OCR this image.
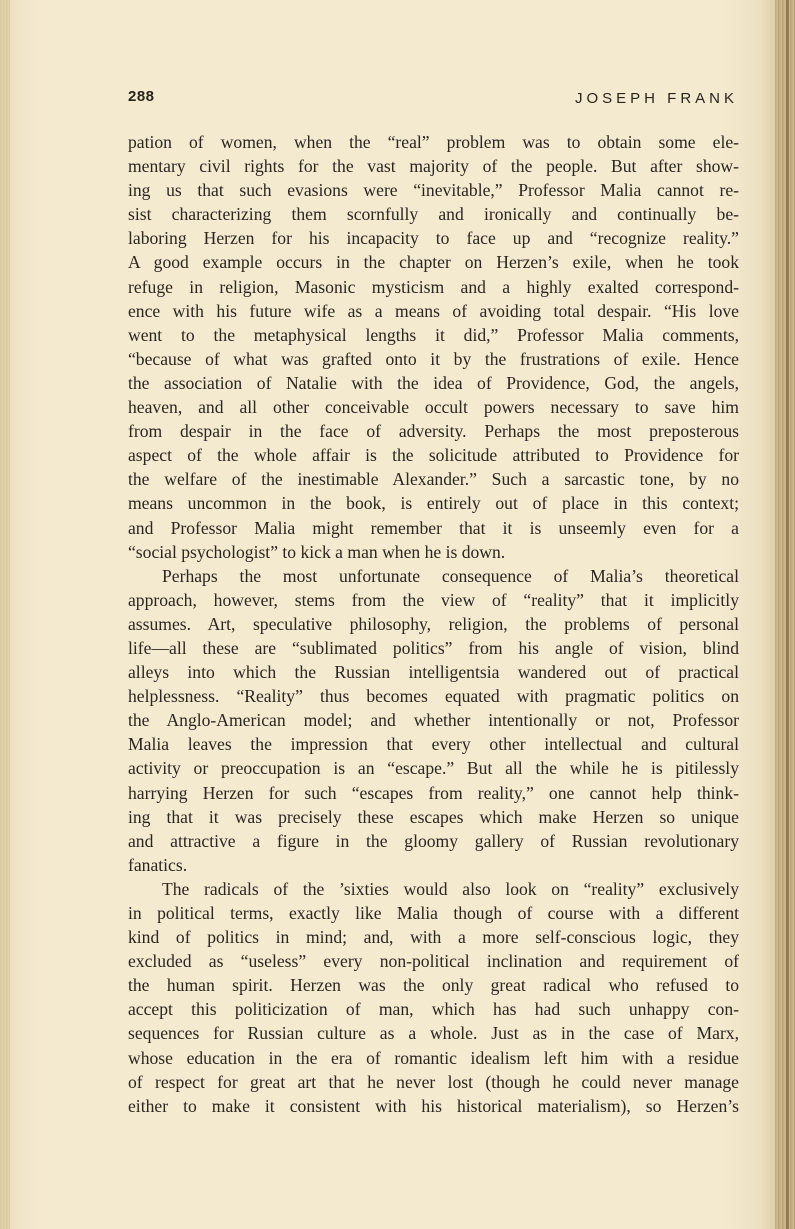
288	JOSEPH FRANK
pation of women, when the “real” problem was to obtain some ele-
mentary civil rights for the vast majority of the people. But after show-
ing us that such evasions were “inevitable,” Professor Malia cannot re-
sist characterizing them scornfully and ironically and continually be-
laboring Herzen for his incapacity to face up and “recognize reality.”
A good example occurs in the chapter on Herzen’s exile, when he took
refuge in religion, Masonic mysticism and a highly exalted correspond-
ence with his future wife as a means of avoiding total despair. “His love
went to the metaphysical lengths it did,” Professor Malia comments,
“because of what was grafted onto it by the frustrations of exile. Hence
the association of Natalie with the idea of Providence, God, the angels,
heaven, and all other conceivable occult powers necessary to save him
from despair in the face of adversity. Perhaps the most preposterous
aspect of the whole affair is the solicitude attributed to Providence for
the welfare of the inestimable Alexander.” Such a sarcastic tone, by no
means uncommon in the book, is entirely out of place in this context;
and Professor Malia might remember that it is unseemly even for a
“social psychologist” to kick a man when he is down.
Perhaps the most unfortunate consequence of Malia’s theoretical
approach, however, stems from the view of “reality” that it implicitly
assumes. Art, speculative philosophy, religion, the problems of personal
life—all these are “sublimated politics” from his angle of vision, blind
alleys into which the Russian intelligentsia wandered out of practical
helplessness. “Reality” thus becomes equated with pragmatic politics on
the Anglo-American model; and whether intentionally or not, Professor
Malia leaves the impression that every other intellectual and cultural
activity or preoccupation is an “escape.” But all the while he is pitilessly
harrying Herzen for such “escapes from reality,” one cannot help think-
ing that it was precisely these escapes which make Herzen so unique
and attractive a figure in the gloomy gallery of Russian revolutionary
fanatics.
The radicals of the ’sixties would also look on “reality” exclusively
in political terms, exactly like Malia though of course with a different
kind of politics in mind; and, with a more self-conscious logic, they
excluded as “useless” every non-political inclination and requirement of
the human spirit. Herzen was the only great radical who refused to
accept this politicization of man, which has had such unhappy con-
sequences for Russian culture as a whole. Just as in the case of Marx,
whose education in the era of romantic idealism left him with a residue
of respect for great art that he never lost (though he could never manage
either to make it consistent with his historical materialism), so Herzen’s
